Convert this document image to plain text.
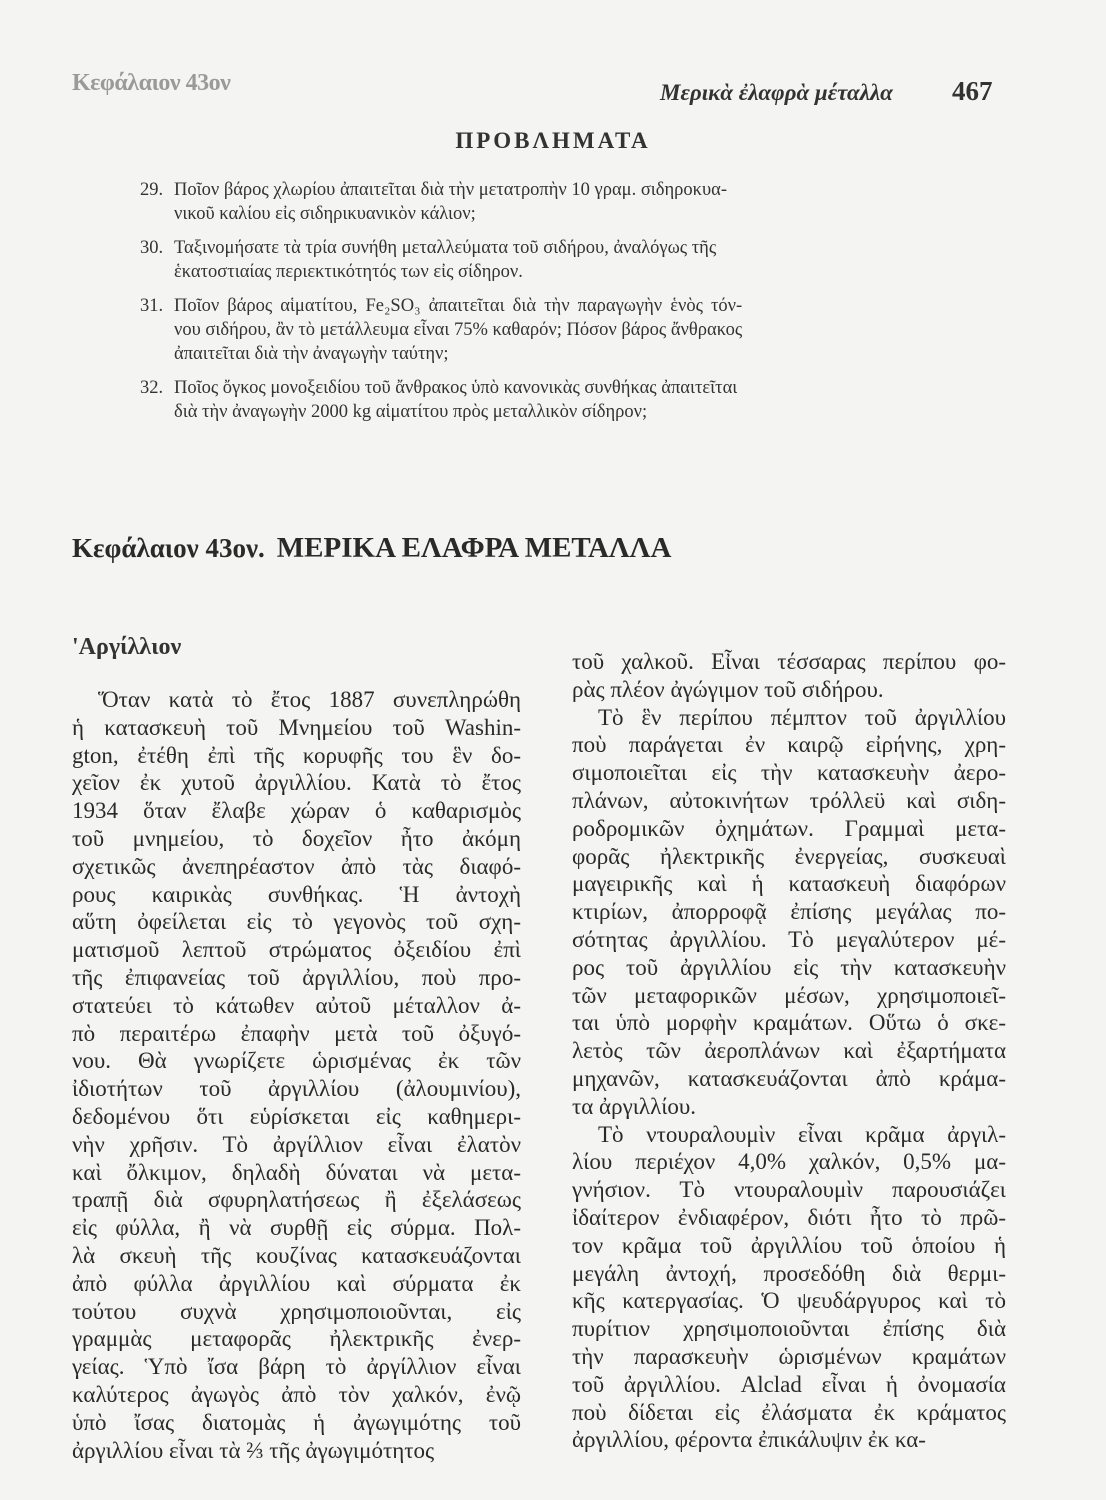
Κεφάλαιον 43ον	Μερικὰ ἐλαφρὰ μέταλλα 467
ΠΡΟΒΛΗΜΑΤΑ
29. Ποῖον βάρος χλωρίου ἀπαιτεῖται διὰ τὴν μετατροπὴν 10 γραμ. σιδηροκυα-
νικοῦ καλίου εἰς σιδηρικυανικὸν κάλιον;
30. Ταξινομήσατε τὰ τρία συνήθη μεταλλεύματα τοῦ σιδήρου, ἀναλόγως τῆς
ἑκατοστιαίας περιεκτικότητός των εἰς σίδηρον.
31. Ποῖον βάρος αἱματίτου, Fe₂SO₃ ἀπαιτεῖται διὰ τὴν παραγωγὴν ἑνὸς τόν-
νου σιδήρου, ἂν τὸ μετάλλευμα εἶναι 75% καθαρόν; Πόσον βάρος ἄνθρακος
ἀπαιτεῖται διὰ τὴν ἀναγωγὴν ταύτην;
32. Ποῖος ὄγκος μονοξειδίου τοῦ ἄνθρακος ὑπὸ κανονικὰς συνθήκας ἀπαιτεῖται
διὰ τὴν ἀναγωγὴν 2000 kg αἱματίτου πρὸς μεταλλικὸν σίδηρον;
Κεφάλαιον 43ον. ΜΕΡΙΚΑ ΕΛΑΦΡΑ ΜΕΤΑΛΛΑ
'Αργίλλιον
Ὅταν κατὰ τὸ ἔτος 1887 συνεπληρώθη
ἡ κατασκευὴ τοῦ Μνημείου τοῦ Washin-
gton, ἐτέθη ἐπὶ τῆς κορυφῆς του ἓν δο-
χεῖον ἐκ χυτοῦ ἀργιλλίου. Κατὰ τὸ ἔτος
1934 ὅταν ἔλαβε χώραν ὁ καθαρισμὸς
τοῦ μνημείου, τὸ δοχεῖον ἦτο ἀκόμη
σχετικῶς ἀνεπηρέαστον ἀπὸ τὰς διαφό-
ρους καιρικὰς συνθήκας. Ἡ ἀντοχὴ
αὕτη ὀφείλεται εἰς τὸ γεγονὸς τοῦ σχη-
ματισμοῦ λεπτοῦ στρώματος ὀξειδίου ἐπὶ
τῆς ἐπιφανείας τοῦ ἀργιλλίου, ποὺ προ-
στατεύει τὸ κάτωθεν αὐτοῦ μέταλλον ἀ-
πὸ περαιτέρω ἐπαφὴν μετὰ τοῦ ὀξυγό-
νου. Θὰ γνωρίζετε ὡρισμένας ἐκ τῶν
ἰδιοτήτων τοῦ ἀργιλλίου (ἀλουμινίου),
δεδομένου ὅτι εὑρίσκεται εἰς καθημερι-
νὴν χρῆσιν. Τὸ ἀργίλλιον εἶναι ἐλατὸν
καὶ ὄλκιμον, δηλαδὴ δύναται νὰ μετα-
τραπῇ διὰ σφυρηλατήσεως ἢ ἐξελάσεως
εἰς φύλλα, ἢ νὰ συρθῇ εἰς σύρμα. Πολ-
λὰ σκευὴ τῆς κουζίνας κατασκευάζονται
ἀπὸ φύλλα ἀργιλλίου καὶ σύρματα ἐκ
τούτου συχνὰ χρησιμοποιοῦνται, εἰς
γραμμὰς μεταφορᾶς ἠλεκτρικῆς ἐνερ-
γείας. Ὑπὸ ἴσα βάρη τὸ ἀργίλλιον εἶναι
καλύτερος ἀγωγὸς ἀπὸ τὸν χαλκόν, ἐνῷ
ὑπὸ ἴσας διατομὰς ἡ ἀγωγιμότης τοῦ
ἀργιλλίου εἶναι τὰ ⅔ τῆς ἀγωγιμότητος
τοῦ χαλκοῦ. Εἶναι τέσσαρας περίπου φο-
ρὰς πλέον ἀγώγιμον τοῦ σιδήρου.
Τὸ ἓν περίπου πέμπτον τοῦ ἀργιλλίου
ποὺ παράγεται ἐν καιρῷ εἰρήνης, χρη-
σιμοποιεῖται εἰς τὴν κατασκευὴν ἀερο-
πλάνων, αὐτοκινήτων τρόλλεϋ καὶ σιδη-
ροδρομικῶν ὀχημάτων. Γραμμαὶ μετα-
φορᾶς ἠλεκτρικῆς ἐνεργείας, συσκευαὶ
μαγειρικῆς καὶ ἡ κατασκευὴ διαφόρων
κτιρίων, ἀπορροφᾷ ἐπίσης μεγάλας πο-
σότητας ἀργιλλίου. Τὸ μεγαλύτερον μέ-
ρος τοῦ ἀργιλλίου εἰς τὴν κατασκευὴν
τῶν μεταφορικῶν μέσων, χρησιμοποιεῖ-
ται ὑπὸ μορφὴν κραμάτων. Οὕτω ὁ σκε-
λετὸς τῶν ἀεροπλάνων καὶ ἐξαρτήματα
μηχανῶν, κατασκευάζονται ἀπὸ κράμα-
τα ἀργιλλίου.
Τὸ ντουραλουμὶν εἶναι κρᾶμα ἀργιλ-
λίου περιέχον 4,0% χαλκόν, 0,5% μα-
γνήσιον. Τὸ ντουραλουμὶν παρουσιάζει
ἰδαίτερον ἐνδιαφέρον, διότι ἦτο τὸ πρῶ-
τον κρᾶμα τοῦ ἀργιλλίου τοῦ ὁποίου ἡ
μεγάλη ἀντοχή, προσεδόθη διὰ θερμι-
κῆς κατεργασίας. Ὁ ψευδάργυρος καὶ τὸ
πυρίτιον χρησιμοποιοῦνται ἐπίσης διὰ
τὴν παρασκευὴν ὡρισμένων κραμάτων
τοῦ ἀργιλλίου. Alclad εἶναι ἡ ὀνομασία
ποὺ δίδεται εἰς ἐλάσματα ἐκ κράματος
ἀργιλλίου, φέροντα ἐπικάλυψιν ἐκ κα-
